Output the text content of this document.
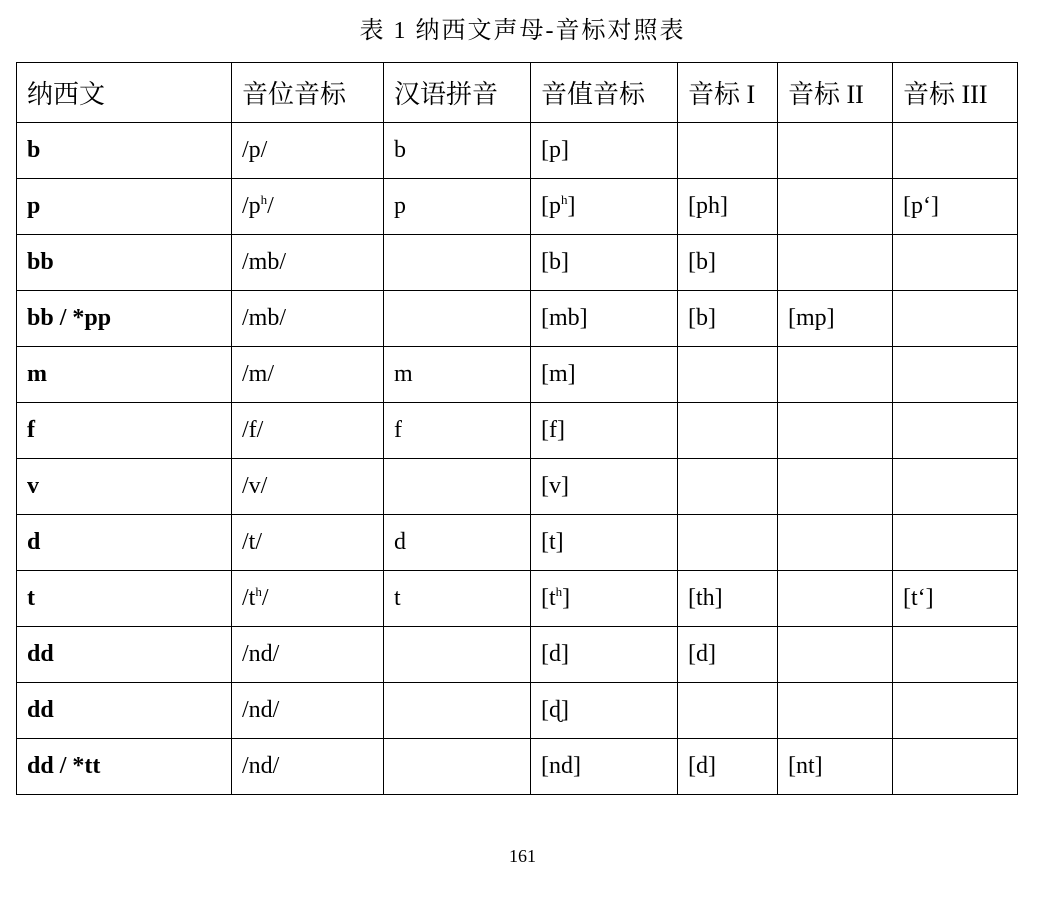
表 1 纳西文声母-音标对照表
纳西文	音位音标	汉语拼音	音值音标	音标 I	音标 II	音标 III
b	/p/	b	[p]			
p	$/p^h/$	p	$[p^h]$	[ph]		[p‘]
bb	/mb/		[b]	[b]		
bb / *pp	/mb/		[mb]	[b]	[mp]	
m	/m/	m	[m]			
f	/f/	f	[f]			
v	/v/		[v]			
d	/t/	d	[t]			
t	$/t^h/$	t	$[t^h]$	[th]		[t‘]
dd	/nd/		[d]	[d]		
dd	/nd/		[ɖ]			
dd / *tt	/nd/		[nd]	[d]	[nt]	
161
